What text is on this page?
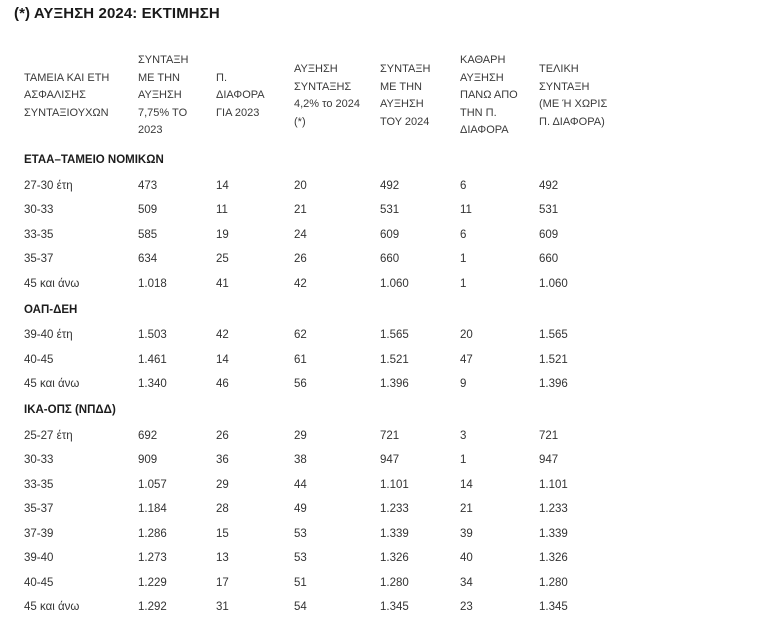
(*) ΑΥΞΗΣΗ 2024: ΕΚΤΙΜΗΣΗ
ΤΑΜΕΙΑ ΚΑΙ ΕΤΗ ΑΣΦΑΛΙΣΗΣ ΣΥΝΤΑΞΙΟΥΧΩΝ	ΣΥΝΤΑΞΗ ΜΕ ΤΗΝ ΑΥΞΗΣΗ 7,75% ΤΟ 2023	Π. ΔΙΑΦΟΡΑ ΓΙΑ 2023	ΑΥΞΗΣΗ ΣΥΝΤΑΞΗΣ 4,2% το 2024 (*)	ΣΥΝΤΑΞΗ ΜΕ ΤΗΝ ΑΥΞΗΣΗ ΤΟΥ 2024	ΚΑΘΑΡΗ ΑΥΞΗΣΗ ΠΑΝΩ ΑΠΟ ΤΗΝ Π. ΔΙΑΦΟΡΑ	ΤΕΛΙΚΗ ΣΥΝΤΑΞΗ (ΜΕ Ή ΧΩΡΙΣ Π. ΔΙΑΦΟΡΑ)
ΕΤΑΑ–ΤΑΜΕΙΟ ΝΟΜΙΚΩΝ						
27-30 έτη	473	14	20	492	6	492
30-33	509	11	21	531	11	531
33-35	585	19	24	609	6	609
35-37	634	25	26	660	1	660
45 και άνω	1.018	41	42	1.060	1	1.060
ΟΑΠ-ΔΕΗ						
39-40 έτη	1.503	42	62	1.565	20	1.565
40-45	1.461	14	61	1.521	47	1.521
45 και άνω	1.340	46	56	1.396	9	1.396
ΙΚΑ-ΟΠΣ (ΝΠΔΔ)						
25-27 έτη	692	26	29	721	3	721
30-33	909	36	38	947	1	947
33-35	1.057	29	44	1.101	14	1.101
35-37	1.184	28	49	1.233	21	1.233
37-39	1.286	15	53	1.339	39	1.339
39-40	1.273	13	53	1.326	40	1.326
40-45	1.229	17	51	1.280	34	1.280
45 και άνω	1.292	31	54	1.345	23	1.345
